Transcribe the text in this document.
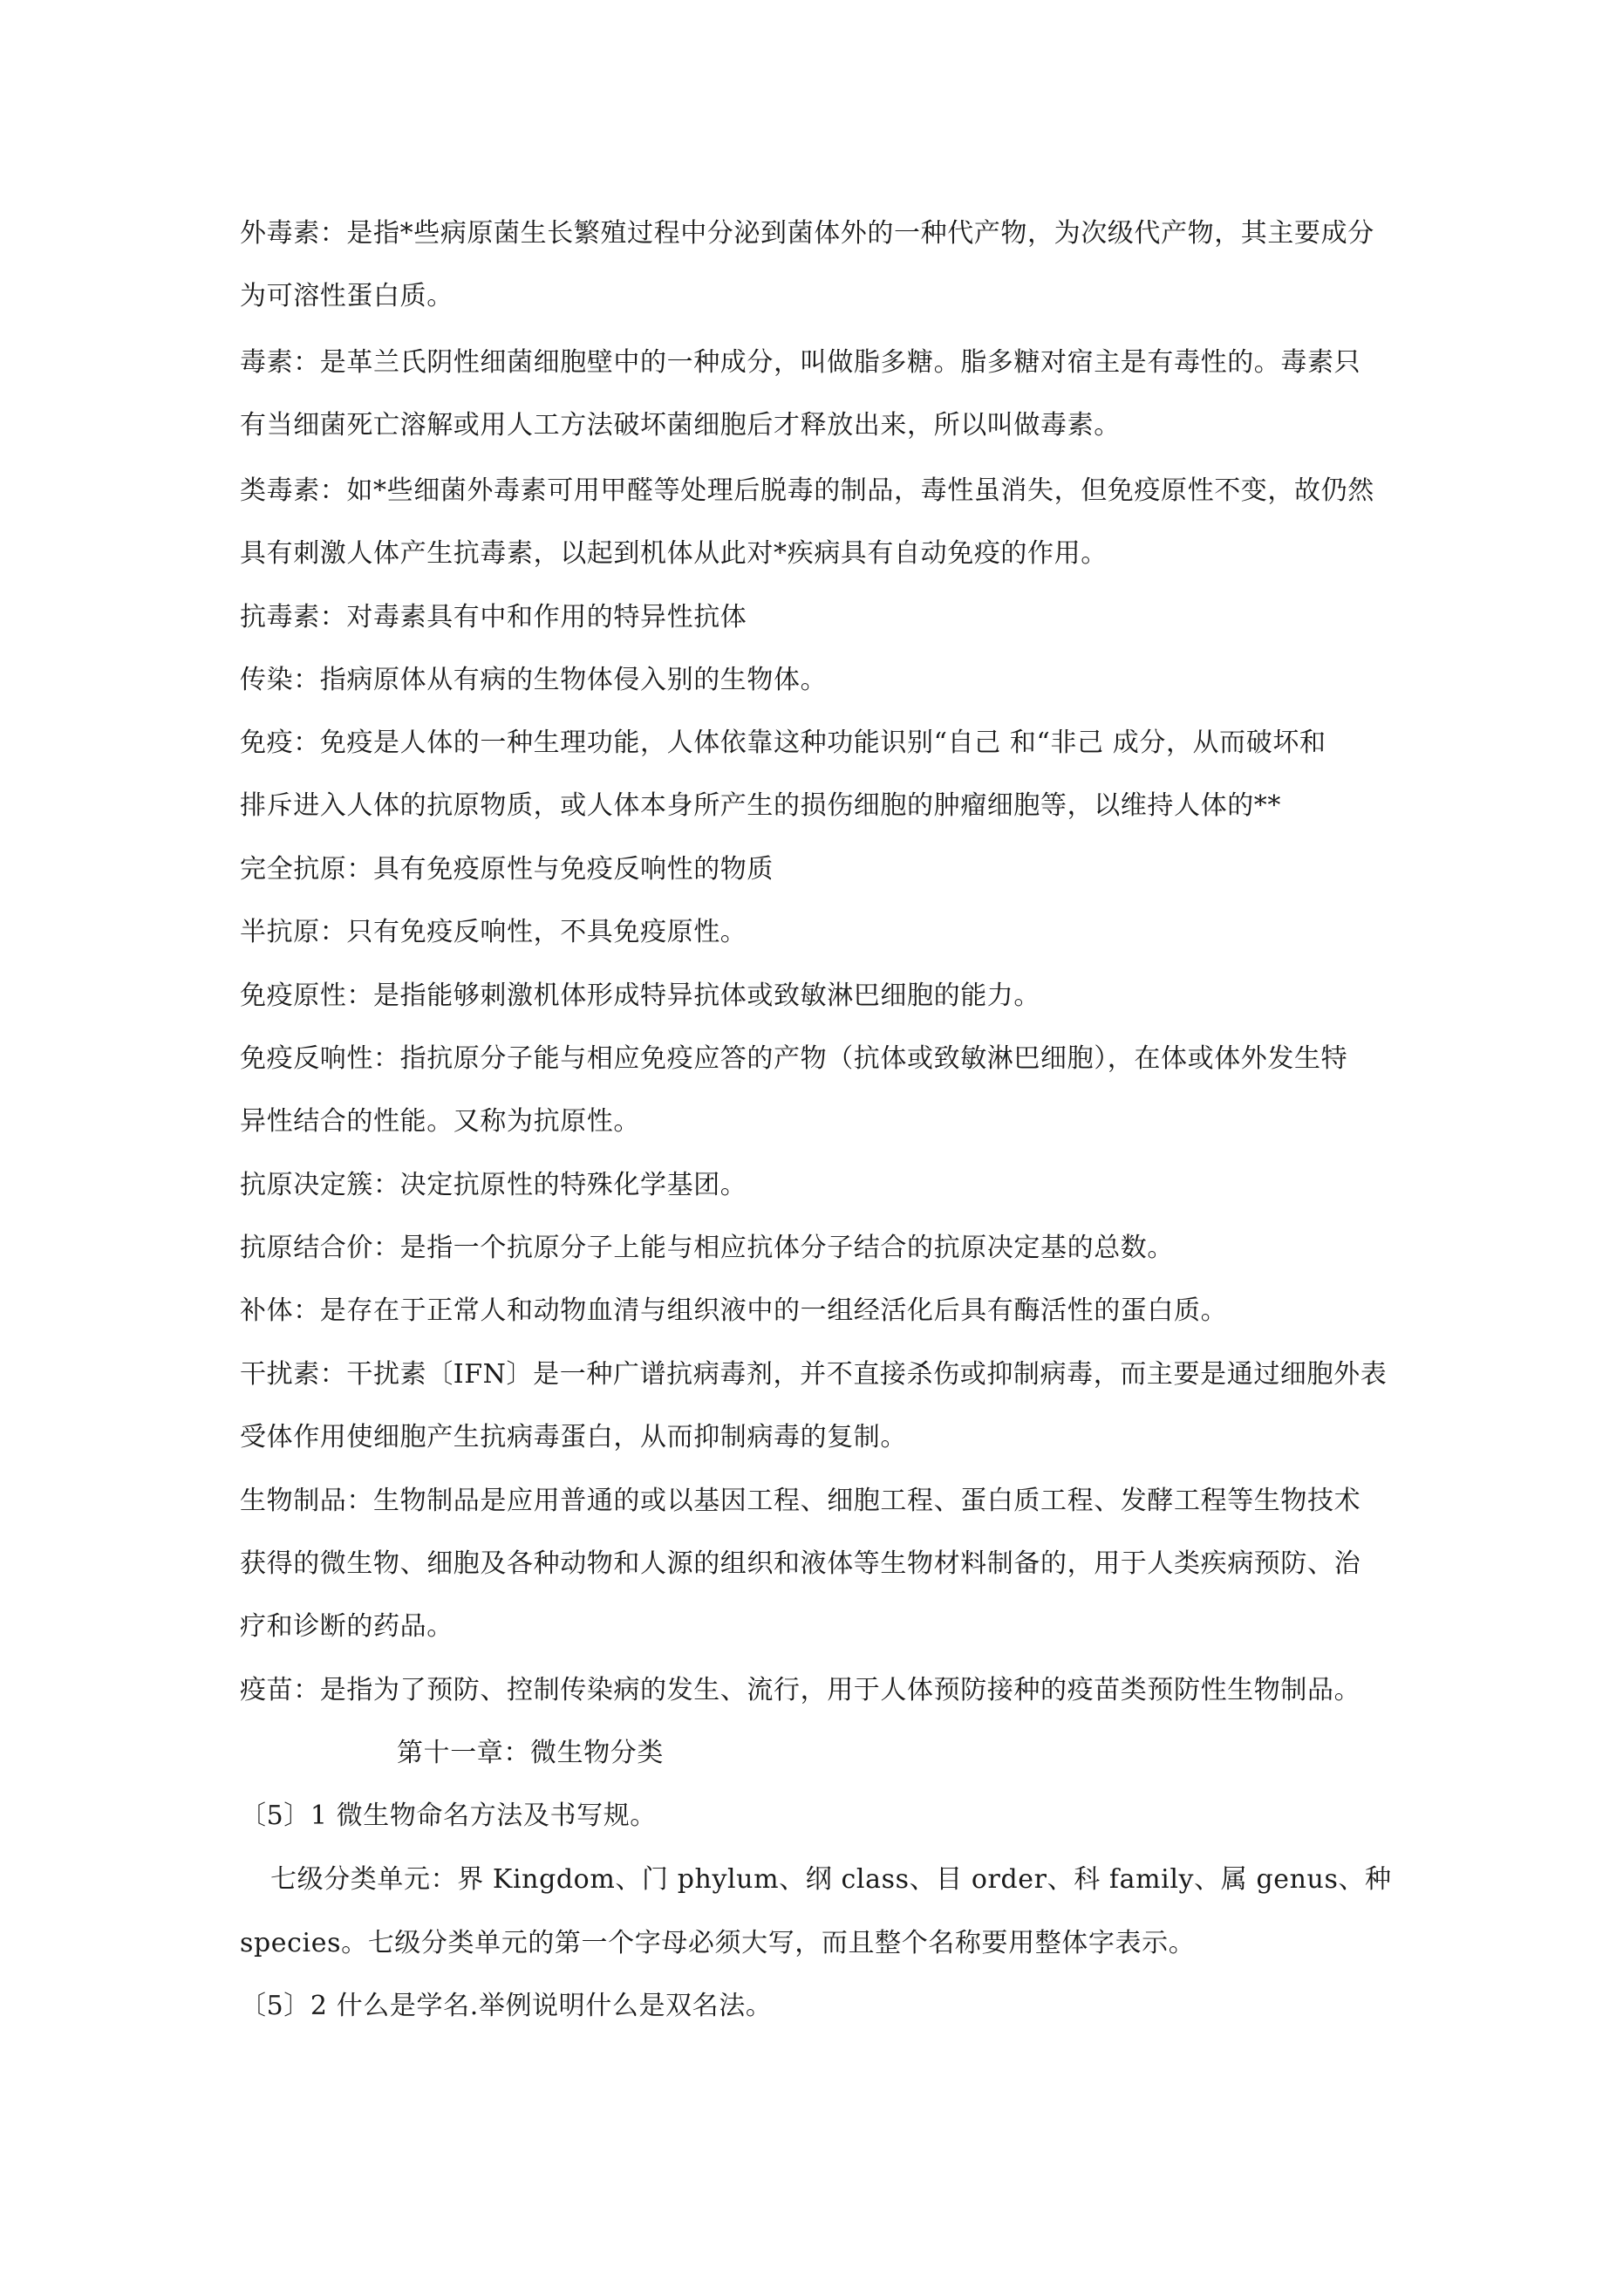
外毒素：是指*些病原菌生长繁殖过程中分泌到菌体外的一种代产物，为次级代产物，其主要成分
为可溶性蛋白质。
毒素：是革兰氏阴性细菌细胞壁中的一种成分，叫做脂多糖。脂多糖对宿主是有毒性的。毒素只
有当细菌死亡溶解或用人工方法破坏菌细胞后才释放出来，所以叫做毒素。
类毒素：如*些细菌外毒素可用甲醛等处理后脱毒的制品，毒性虽消失，但免疫原性不变，故仍然
具有刺激人体产生抗毒素，以起到机体从此对*疾病具有自动免疫的作用。
抗毒素：对毒素具有中和作用的特异性抗体
传染：指病原体从有病的生物体侵入别的生物体。
免疫：免疫是人体的一种生理功能，人体依靠这种功能识别“自己 和“非己 成分，从而破坏和
排斥进入人体的抗原物质，或人体本身所产生的损伤细胞的肿瘤细胞等，以维持人体的**
完全抗原：具有免疫原性与免疫反响性的物质
半抗原：只有免疫反响性，不具免疫原性。
免疫原性：是指能够刺激机体形成特异抗体或致敏淋巴细胞的能力。
免疫反响性：指抗原分子能与相应免疫应答的产物（抗体或致敏淋巴细胞），在体或体外发生特
异性结合的性能。又称为抗原性。
抗原决定簇：决定抗原性的特殊化学基团。
抗原结合价：是指一个抗原分子上能与相应抗体分子结合的抗原决定基的总数。
补体：是存在于正常人和动物血清与组织液中的一组经活化后具有酶活性的蛋白质。
干扰素：干扰素〔IFN〕是一种广谱抗病毒剂，并不直接杀伤或抑制病毒，而主要是通过细胞外表
受体作用使细胞产生抗病毒蛋白，从而抑制病毒的复制。
生物制品：生物制品是应用普通的或以基因工程、细胞工程、蛋白质工程、发酵工程等生物技术
获得的微生物、细胞及各种动物和人源的组织和液体等生物材料制备的，用于人类疾病预防、治
疗和诊断的药品。
疫苗：是指为了预防、控制传染病的发生、流行，用于人体预防接种的疫苗类预防性生物制品。
第十一章：微生物分类
〔5〕1 微生物命名方法及书写规。
七级分类单元：界 Kingdom、门 phylum、纲 class、目 order、科 family、属 genus、种
species。七级分类单元的第一个字母必须大写，而且整个名称要用整体字表示。
〔5〕2 什么是学名.举例说明什么是双名法。
